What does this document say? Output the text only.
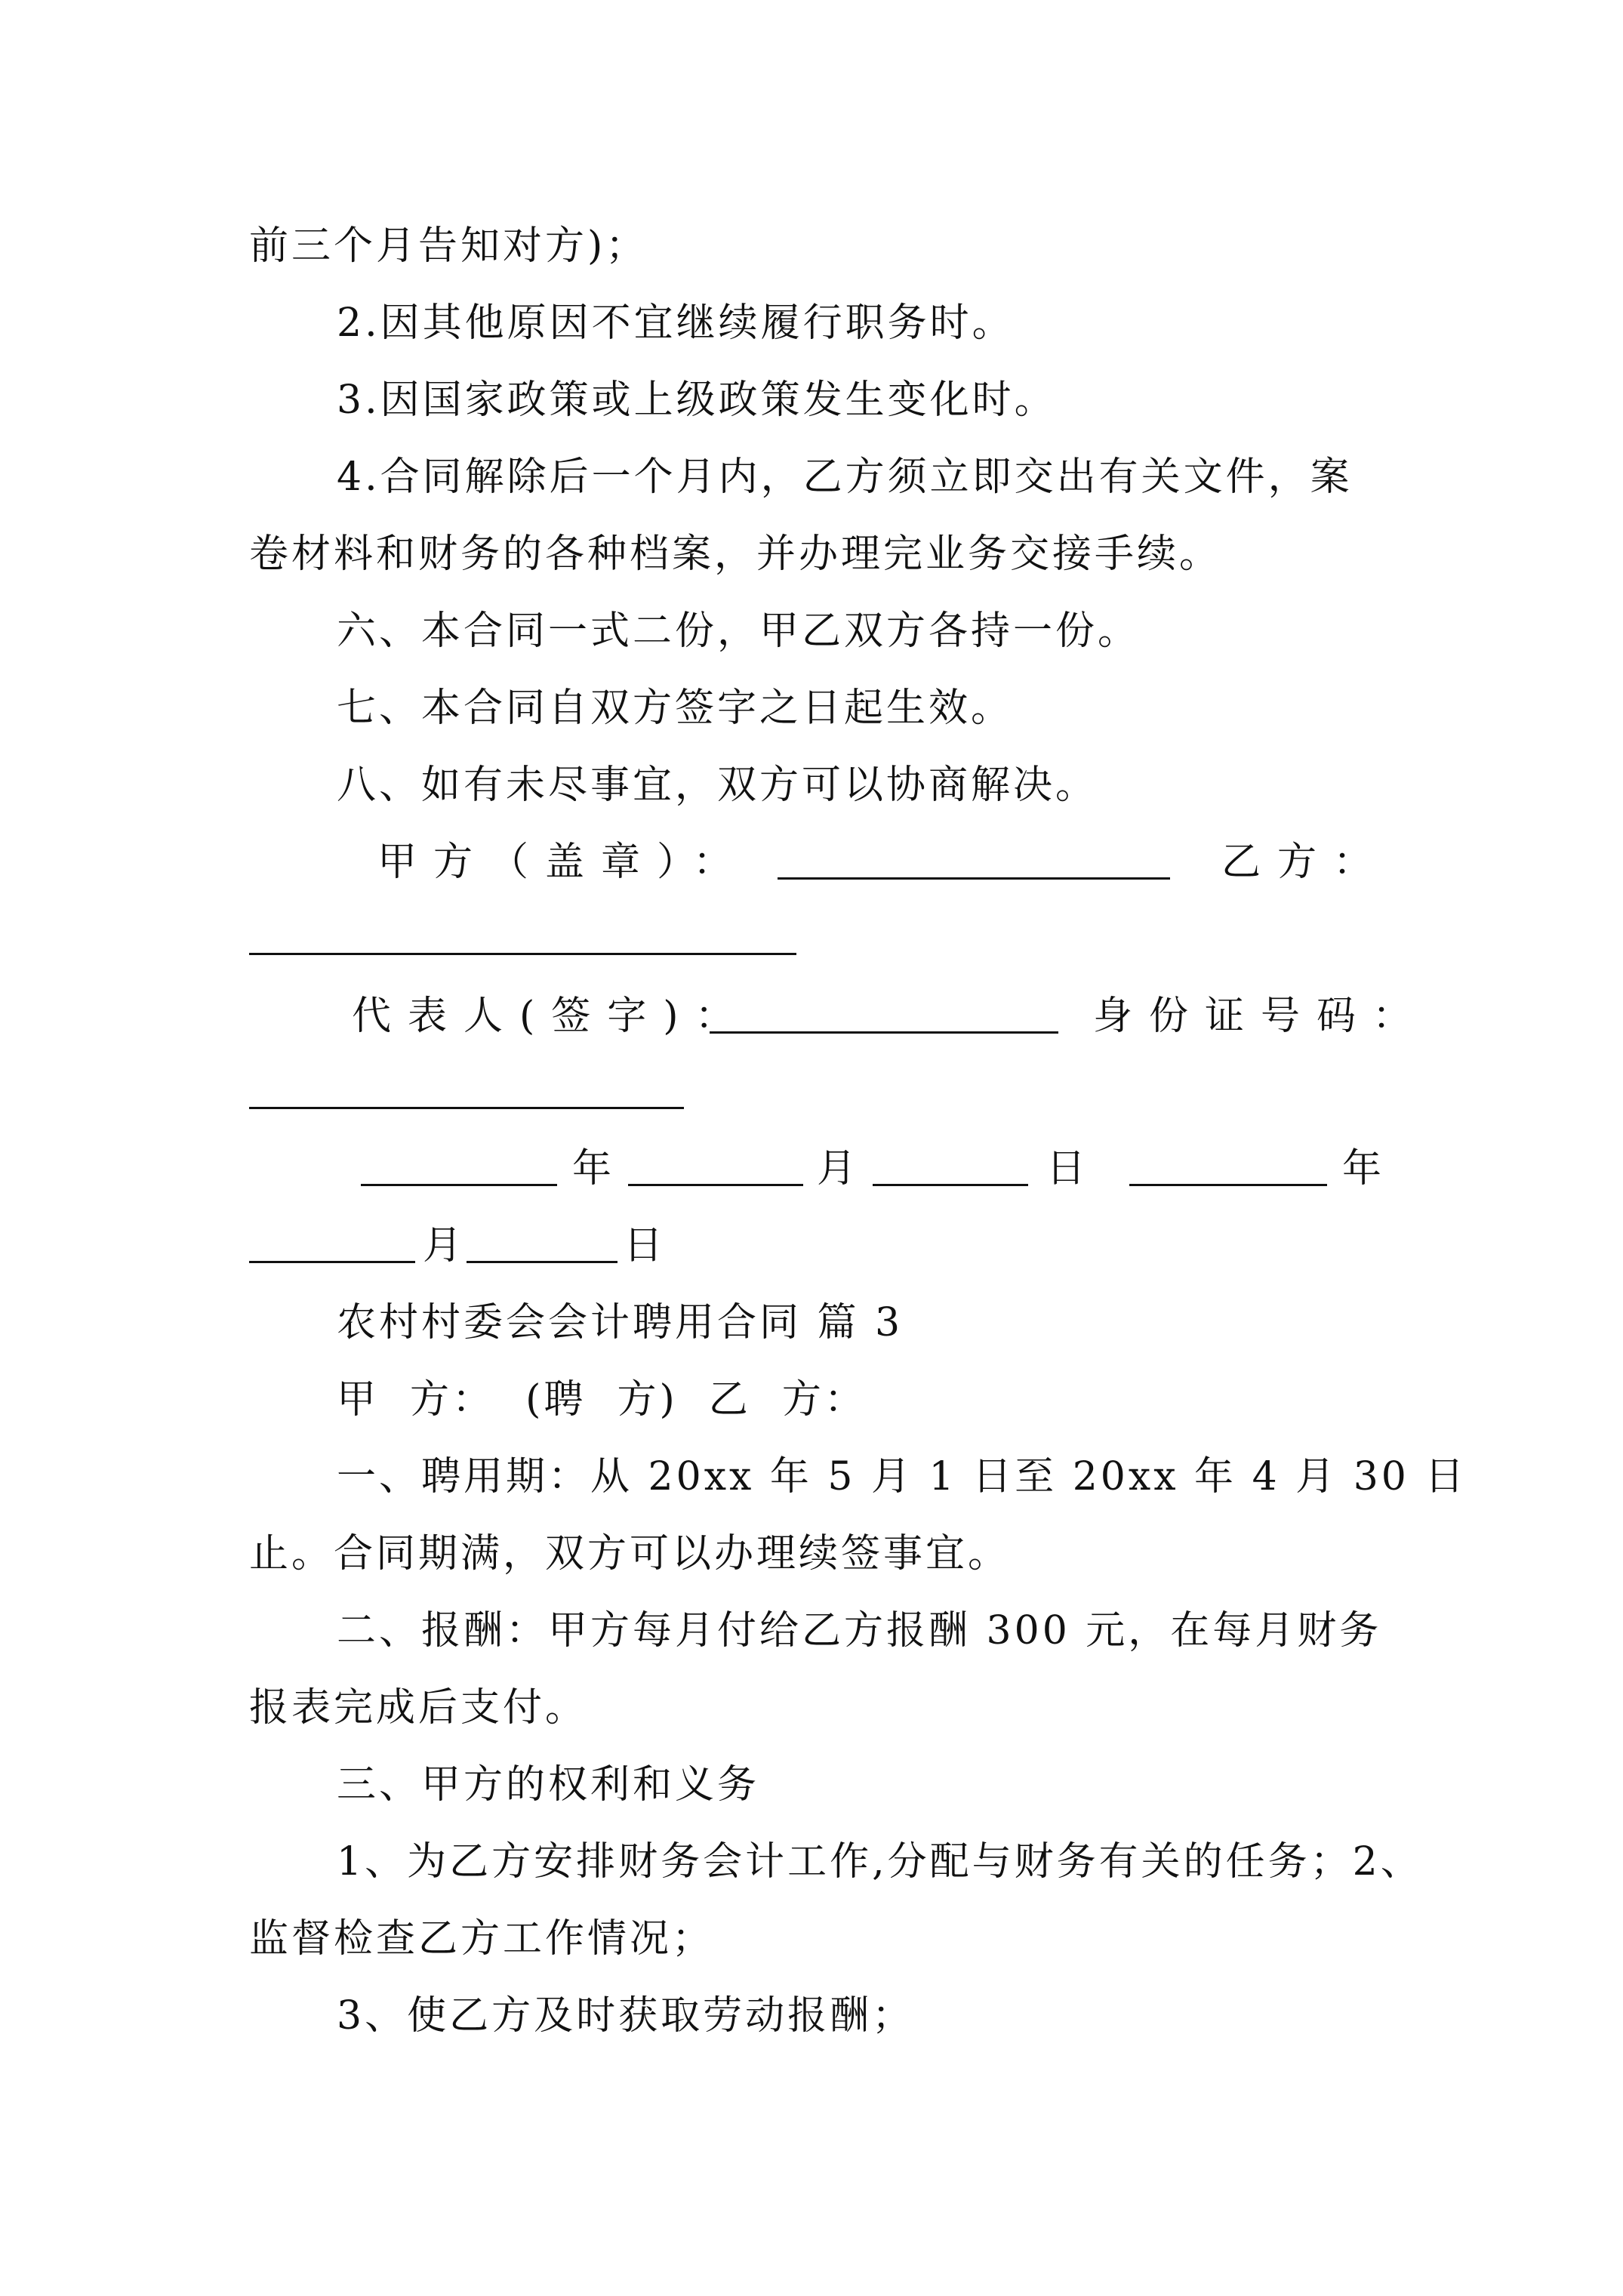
前三个月告知对方)；
2.因其他原因不宜继续履行职务时。
3.因国家政策或上级政策发生变化时。
4.合同解除后一个月内，乙方须立即交出有关文件，案
卷材料和财务的各种档案，并办理完业务交接手续。
六、本合同一式二份，甲乙双方各持一份。
七、本合同自双方签字之日起生效。
八、如有未尽事宜，双方可以协商解决。
甲方（盖章）：	乙方：
代表人(签字)：	身份证号码：
年	月	日	年
月	日
农村村委会会计聘用合同 篇 3
甲  方：  (聘  方)  乙  方：
一、聘用期：从 20xx 年 5 月 1 日至 20xx 年 4 月 30 日
止。合同期满，双方可以办理续签事宜。
二、报酬：甲方每月付给乙方报酬 300 元，在每月财务
报表完成后支付。
三、甲方的权利和义务
1、为乙方安排财务会计工作,分配与财务有关的任务；2、
监督检查乙方工作情况；
3、使乙方及时获取劳动报酬；
